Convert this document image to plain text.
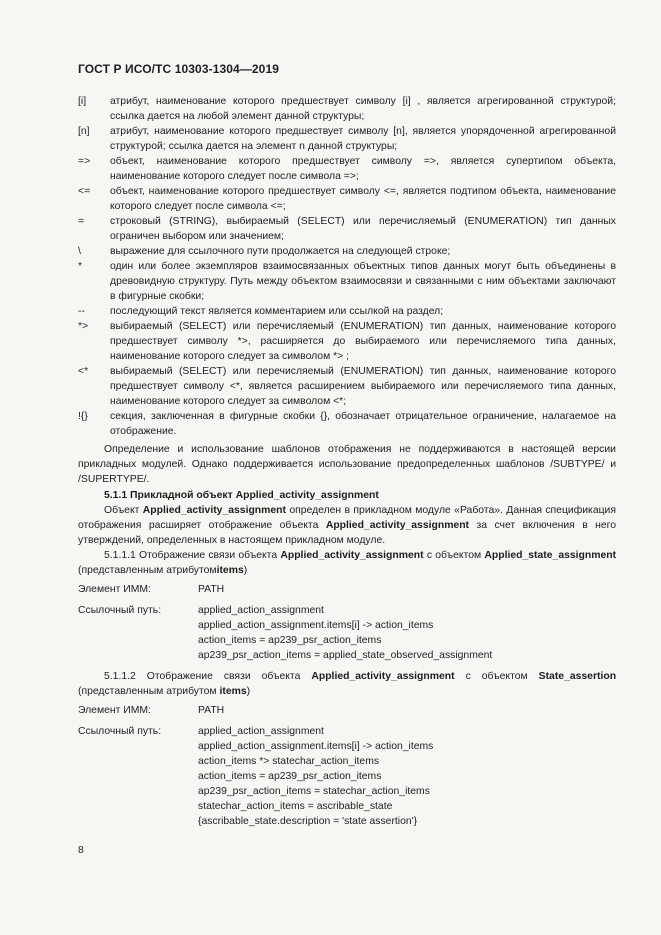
ГОСТ Р ИСО/ТС 10303-1304—2019
[i]	атрибут, наименование которого предшествует символу [i] , является агрегированной структурой; ссылка дается на любой элемент данной структуры;
[n]	атрибут, наименование которого предшествует символу [n], является упорядоченной агрегированной структурой; ссылка дается на элемент n данной структуры;
=>	объект, наименование которого предшествует символу =>, является супертипом объекта, наименование которого следует после символа =>;
<=	объект, наименование которого предшествует символу <=, является подтипом объекта, наименование которого следует после символа <=;
=	строковый (STRING), выбираемый (SELECT) или перечисляемый (ENUMERATION) тип данных ограничен выбором или значением;
\	выражение для ссылочного пути продолжается на следующей строке;
*	один или более экземпляров взаимосвязанных объектных типов данных могут быть объединены в древовидную структуру. Путь между объектом взаимосвязи и связанными с ним объектами заключают в фигурные скобки;
--	последующий текст является комментарием или ссылкой на раздел;
*>	выбираемый (SELECT) или перечисляемый (ENUMERATION) тип данных, наименование которого предшествует символу *>, расширяется до выбираемого или перечисляемого типа данных, наименование которого следует за символом *> ;
<*	выбираемый (SELECT) или перечисляемый (ENUMERATION) тип данных, наименование которого предшествует символу <*, является расширением выбираемого или перечисляемого типа данных, наименование которого следует за символом <*;
!{}	секция, заключенная в фигурные скобки {}, обозначает отрицательное ограничение, налагаемое на отображение.

Определение и использование шаблонов отображения не поддерживаются в настоящей версии прикладных модулей. Однако поддерживается использование предопределенных шаблонов /SUBTYPE/ и /SUPERTYPE/.

5.1.1 Прикладной объект Applied_activity_assignment

Объект Applied_activity_assignment определен в прикладном модуле «Работа». Данная спецификация отображения расширяет отображение объекта Applied_activity_assignment за счет включения в него утверждений, определенных в настоящем прикладном модуле.

5.1.1.1 Отображение связи объекта Applied_activity_assignment с объектом Applied_state_assignment (представленным атрибутомitems)

Элемент ИММ:	PATH
Ссылочный путь:	applied_action_assignment
applied_action_assignment.items[i] -> action_items
action_items = ap239_psr_action_items
ap239_psr_action_items = applied_state_observed_assignment

5.1.1.2 Отображение связи объекта Applied_activity_assignment с объектом State_assertion (представленным атрибутом items)

Элемент ИММ:	PATH
Ссылочный путь:	applied_action_assignment
applied_action_assignment.items[i] -> action_items
action_items *> statechar_action_items
action_items = ap239_psr_action_items
ap239_psr_action_items = statechar_action_items
statechar_action_items = ascribable_state
{ascribable_state.description = 'state assertion'}
8
